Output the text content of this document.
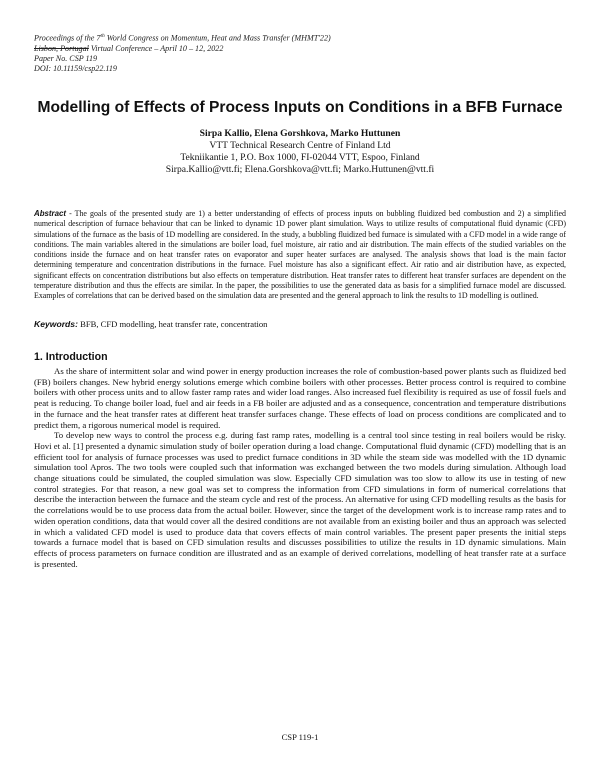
Proceedings of the 7th World Congress on Momentum, Heat and Mass Transfer (MHMT'22)
Lisbon, Portugal Virtual Conference – April 10 – 12, 2022
Paper No. CSP 119
DOI: 10.11159/csp22.119
Modelling of Effects of Process Inputs on Conditions in a BFB Furnace
Sirpa Kallio, Elena Gorshkova, Marko Huttunen
VTT Technical Research Centre of Finland Ltd
Tekniikantie 1, P.O. Box 1000, FI-02044 VTT, Espoo, Finland
Sirpa.Kallio@vtt.fi; Elena.Gorshkova@vtt.fi; Marko.Huttunen@vtt.fi
Abstract - The goals of the presented study are 1) a better understanding of effects of process inputs on bubbling fluidized bed combustion and 2) a simplified numerical description of furnace behaviour that can be linked to dynamic 1D power plant simulation. Ways to utilize results of computational fluid dynamic (CFD) simulations of the furnace as the basis of 1D modelling are considered. In the study, a bubbling fluidized bed furnace is simulated with a CFD model in a wide range of conditions. The main variables altered in the simulations are boiler load, fuel moisture, air ratio and air distribution. The main effects of the studied variables on the conditions inside the furnace and on heat transfer rates on evaporator and super heater surfaces are analysed. The analysis shows that load is the main factor determining temperature and concentration distributions in the furnace. Fuel moisture has also a significant effect. Air ratio and air distribution have, as expected, significant effects on concentration distributions but also effects on temperature distribution. Heat transfer rates to different heat transfer surfaces are dependent on the temperature distribution and thus the effects are similar. In the paper, the possibilities to use the generated data as basis for a simplified furnace model are discussed. Examples of correlations that can be derived based on the simulation data are presented and the general approach to link the results to 1D modelling is outlined.
Keywords: BFB, CFD modelling, heat transfer rate, concentration
1. Introduction

As the share of intermittent solar and wind power in energy production increases the role of combustion-based power plants such as fluidized bed (FB) boilers changes. New hybrid energy solutions emerge which combine boilers with other processes. Better process control is required to combine boilers with other process units and to allow faster ramp rates and wider load ranges. Also increased fuel flexibility is required as use of fossil fuels and peat is reducing. To change boiler load, fuel and air feeds in a FB boiler are adjusted and as a consequence, concentration and temperature distributions in the furnace and the heat transfer rates at different heat transfer surfaces change. These effects of load on process conditions are complicated and to predict them, a rigorous numerical model is required.

To develop new ways to control the process e.g. during fast ramp rates, modelling is a central tool since testing in real boilers would be risky. Hovi et al. [1] presented a dynamic simulation study of boiler operation during a load change. Computational fluid dynamic (CFD) modelling that is an efficient tool for analysis of furnace processes was used to predict furnace conditions in 3D while the steam side was modelled with the 1D dynamic simulation tool Apros. The two tools were coupled such that information was exchanged between the two models during simulation. Although load change situations could be simulated, the coupled simulation was slow. Especially CFD simulation was too slow to allow its use in testing of new control strategies. For that reason, a new goal was set to compress the information from CFD simulations in form of numerical correlations that describe the interaction between the furnace and the steam cycle and rest of the process. An alternative for using CFD modelling results as the basis for the correlations would be to use process data from the actual boiler. However, since the target of the development work is to increase ramp rates and to widen operation conditions, data that would cover all the desired conditions are not available from an existing boiler and thus an approach was selected in which a validated CFD model is used to produce data that covers effects of main control variables. The present paper presents the initial steps towards a furnace model that is based on CFD simulation results and discusses possibilities to utilize the results in 1D dynamic simulations. Main effects of process parameters on furnace condition are illustrated and as an example of derived correlations, modelling of heat transfer rate at a surface is presented.

CSP 119-1
